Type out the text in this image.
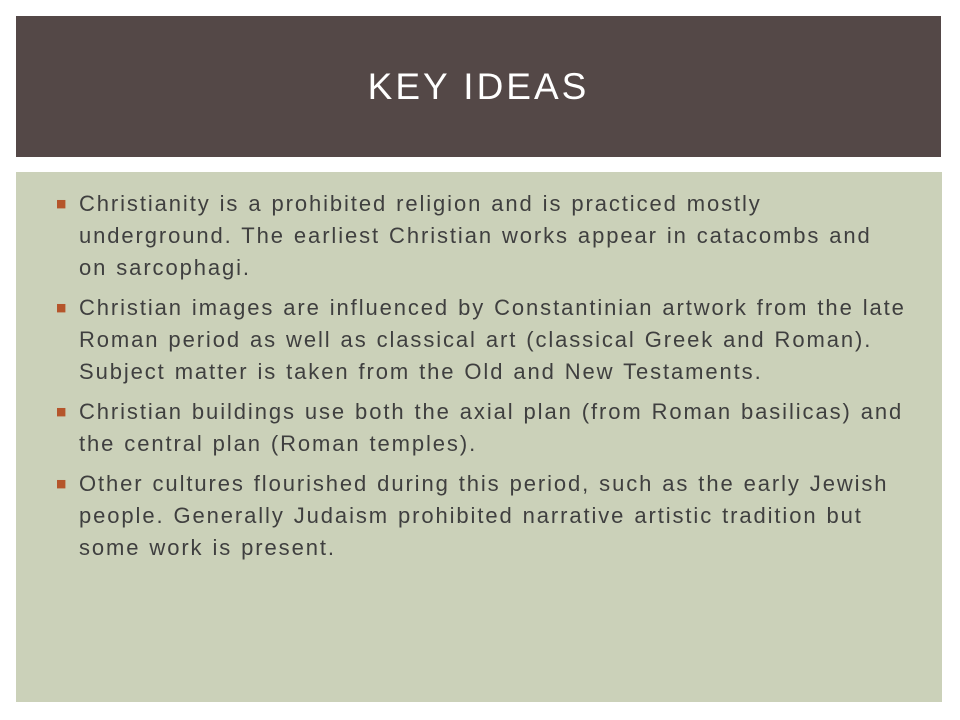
KEY IDEAS
■ Christianity is a prohibited religion and is practiced mostly underground. The earliest Christian works appear in catacombs and on sarcophagi.
■ Christian images are influenced by Constantinian artwork from the late Roman period as well as classical art (classical Greek and Roman). Subject matter is taken from the Old and New Testaments.
■ Christian buildings use both the axial plan (from Roman basilicas) and the central plan (Roman temples).
■ Other cultures flourished during this period, such as the early Jewish people. Generally Judaism prohibited narrative artistic tradition but some work is present.
